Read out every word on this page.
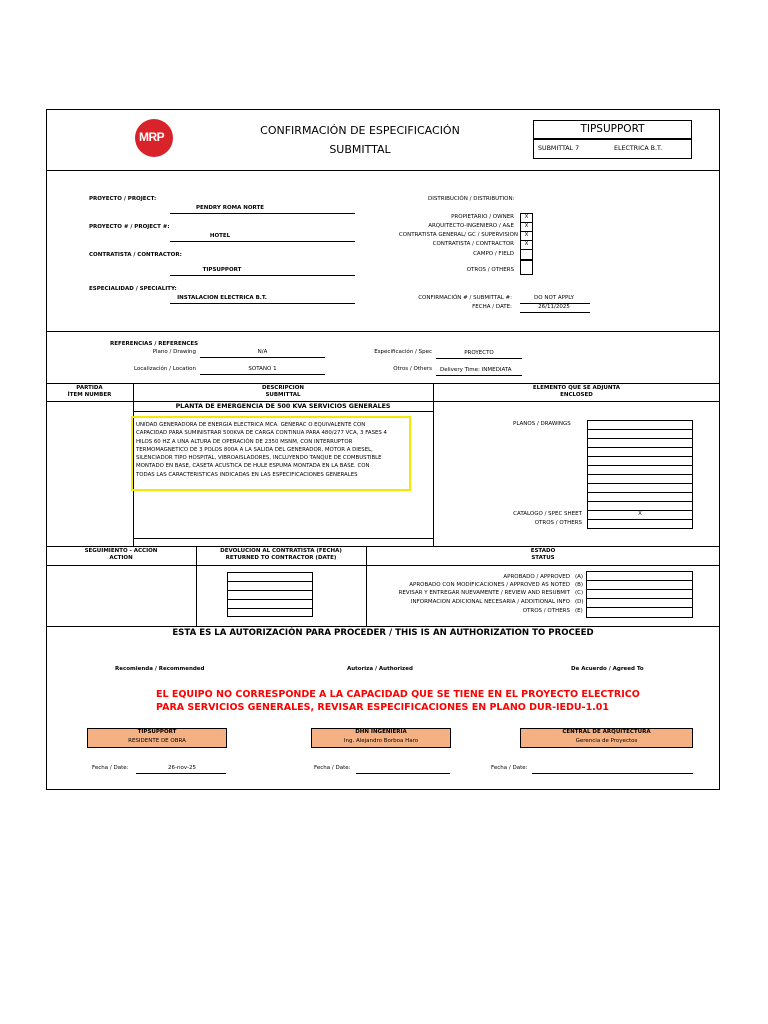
MRP	CONFIRMACIÓN DE ESPECIFICACIÓN
SUBMITTAL
TIPSUPPORT
SUBMITTAL 7	ELECTRICA B.T.
PROYECTO / PROJECT:
PENDRY ROMA NORTE
PROYECTO # / PROJECT #:
HOTEL
CONTRATISTA / CONTRACTOR:
TIPSUPPORT
ESPECIALIDAD / SPECIALITY:
INSTALACION ELECTRICA B.T.
DISTRIBUCIÓN / DISTRIBUTION:
PROPIETARIO / OWNER	X
ARQUITECTO-INGENIERO / A&E	X
CONTRATISTA GENERAL/ GC / SUPERVISION	X
CONTRATISTA / CONTRACTOR	X
CAMPO / FIELD
OTROS / OTHERS
CONFIRMACIÓN # / SUBMITTAL #:	DO NOT APPLY
FECHA / DATE:	26/11/2025
REFERENCIAS / REFERENCES
Plano / Drawing	N/A	Especificación / Spec	PROYECTO
Localización / Location	SOTANO 1	Otros / Others Delivery Time: INMEDIATA
PARTIDA
ÍTEM NUMBER
DESCRIPCION
SUBMITTAL
ELEMENTO QUE SE ADJUNTA
ENCLOSED
PLANTA DE EMERGENCIA DE 500 KVA SERVICIOS GENERALES
UNIDAD GENERADORA DE ENERGIA ELECTRICA MCA. GENERAC O EQUIVALENTE CON
CAPACIDAD PARA SUMINISTRAR 500KVA DE CARGA CONTINUA PARA 480/277 VCA, 3 FASES 4
HILOS 60 HZ A UNA ALTURA DE OPERACIÓN DE 2350 MSNM, CON INTERRUPTOR
TERMOMAGNETICO DE 3 POLOS 800A A LA SALIDA DEL GENERADOR, MOTOR A DIESEL,
SILENCIADOR TIPO HOSPITAL, VIBROAISLADORES, INCLUYENDO TANQUE DE COMBUSTIBLE
MONTADO EN BASE, CASETA ACUSTICA DE HULE ESPUMA MONTADA EN LA BASE. CON
TODAS LAS CARACTERISTICAS INDICADAS EN LAS ESPECIFICACIONES GENERALES
PLANOS / DRAWINGS
CATALOGO / SPEC SHEET	X
OTROS / OTHERS
SEGUIMIENTO - ACCION
ACTION
DEVOLUCION AL CONTRATISTA (FECHA)
RETURNED TO CONTRACTOR (DATE)
ESTADO
STATUS
APROBADO / APPROVED (A)
APROBADO CON MODIFICACIONES / APPROVED AS NOTED (B)
REVISAR Y ENTREGAR NUEVAMENTE / REVIEW AND RESUBMIT (C)
INFORMACION ADICIONAL NECESARIA / ADDITIONAL INFO (D)
OTROS / OTHERS (E)
ESTA ES LA AUTORIZACIÓN PARA PROCEDER / THIS IS AN AUTHORIZATION TO PROCEED
Recomienda / Recommended	Autoriza / Authorized	De Acuerdo / Agreed To
EL EQUIPO NO CORRESPONDE A LA CAPACIDAD QUE SE TIENE EN EL PROYECTO ELECTRICO
PARA SERVICIOS GENERALES, REVISAR ESPECIFICACIONES EN PLANO DUR-IEDU-1.01
TIPSUPPORT
RESIDENTE DE OBRA
DHN INGENIERIA
Ing. Alejandro Borboa Haro
CENTRAL DE ARQUITECTURA
Gerencia de Proyectos
Fecha / Date:	26-nov-25	Fecha / Date:	Fecha / Date:
